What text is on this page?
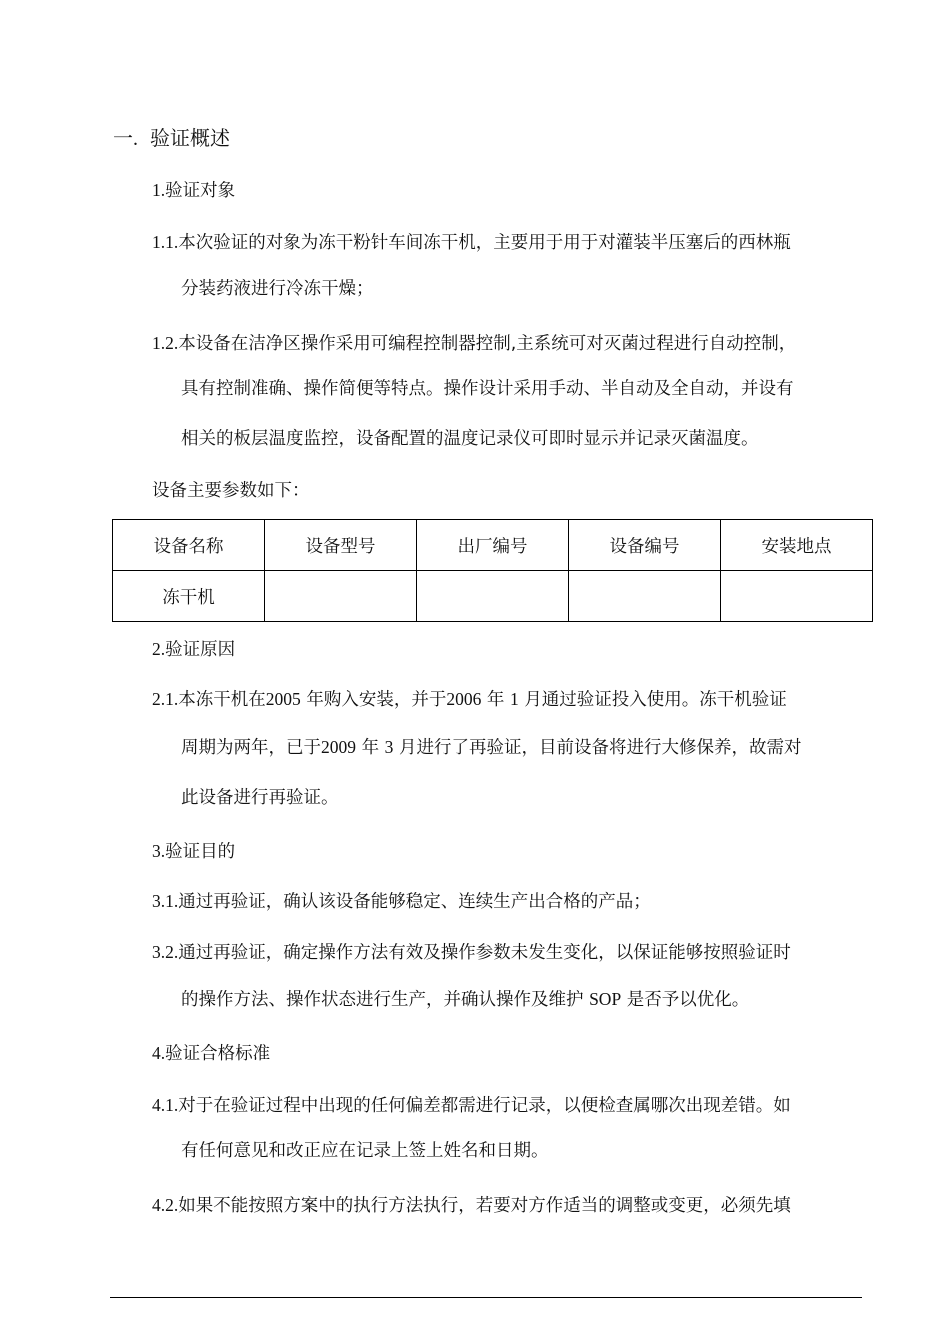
一. 验证概述
1.验证对象
1.1.本次验证的对象为冻干粉针车间冻干机，主要用于用于对灌装半压塞后的西林瓶
分装药液进行冷冻干燥；
1.2.本设备在洁净区操作采用可编程控制器控制,主系统可对灭菌过程进行自动控制，
具有控制准确、操作简便等特点。操作设计采用手动、半自动及全自动，并设有
相关的板层温度监控，设备配置的温度记录仪可即时显示并记录灭菌温度。
设备主要参数如下：
设备名称	设备型号	出厂编号	设备编号	安装地点
冻干机				
2.验证原因
2.1.本冻干机在2005 年购入安装，并于2006 年 1 月通过验证投入使用。冻干机验证
周期为两年，已于2009 年 3 月进行了再验证，目前设备将进行大修保养，故需对
此设备进行再验证。
3.验证目的
3.1.通过再验证，确认该设备能够稳定、连续生产出合格的产品；
3.2.通过再验证，确定操作方法有效及操作参数未发生变化，以保证能够按照验证时
的操作方法、操作状态进行生产，并确认操作及维护 SOP 是否予以优化。
4.验证合格标准
4.1.对于在验证过程中出现的任何偏差都需进行记录，以便检查属哪次出现差错。如
有任何意见和改正应在记录上签上姓名和日期。
4.2.如果不能按照方案中的执行方法执行，若要对方作适当的调整或变更，必须先填
